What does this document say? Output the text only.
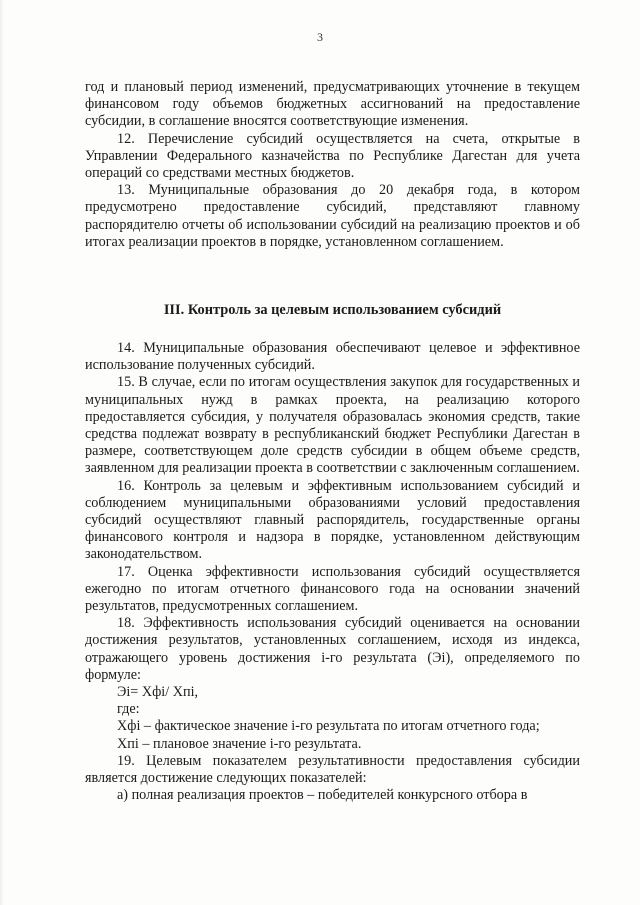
3

год и плановый период изменений, предусматривающих уточнение в текущем финансовом году объемов бюджетных ассигнований на предоставление субсидии, в соглашение вносятся соответствующие изменения.

12. Перечисление субсидий осуществляется на счета, открытые в Управлении Федерального казначейства по Республике Дагестан для учета операций со средствами местных бюджетов.

13. Муниципальные образования до 20 декабря года, в котором предусмотрено предоставление субсидий, представляют главному распорядителю отчеты об использовании субсидий на реализацию проектов и об итогах реализации проектов в порядке, установленном соглашением.

III. Контроль за целевым использованием субсидий

14. Муниципальные образования обеспечивают целевое и эффективное использование полученных субсидий.

15. В случае, если по итогам осуществления закупок для государственных и муниципальных нужд в рамках проекта, на реализацию которого предоставляется субсидия, у получателя образовалась экономия средств, такие средства подлежат возврату в республиканский бюджет Республики Дагестан в размере, соответствующем доле средств субсидии в общем объеме средств, заявленном для реализации проекта в соответствии с заключенным соглашением.

16. Контроль за целевым и эффективным использованием субсидий и соблюдением муниципальными образованиями условий предоставления субсидий осуществляют главный распорядитель, государственные органы финансового контроля и надзора в порядке, установленном действующим законодательством.

17. Оценка эффективности использования субсидий осуществляется ежегодно по итогам отчетного финансового года на основании значений результатов, предусмотренных соглашением.

18. Эффективность использования субсидий оценивается на основании достижения результатов, установленных соглашением, исходя из индекса, отражающего уровень достижения i-го результата (Эi), определяемого по формуле:

Эi= Хфi/ Хпi,

где:

Хфi – фактическое значение i-го результата по итогам отчетного года;

Хпi – плановое значение i-го результата.

19. Целевым показателем результативности предоставления субсидии является достижение следующих показателей:

а) полная реализация проектов – победителей конкурсного отбора в
